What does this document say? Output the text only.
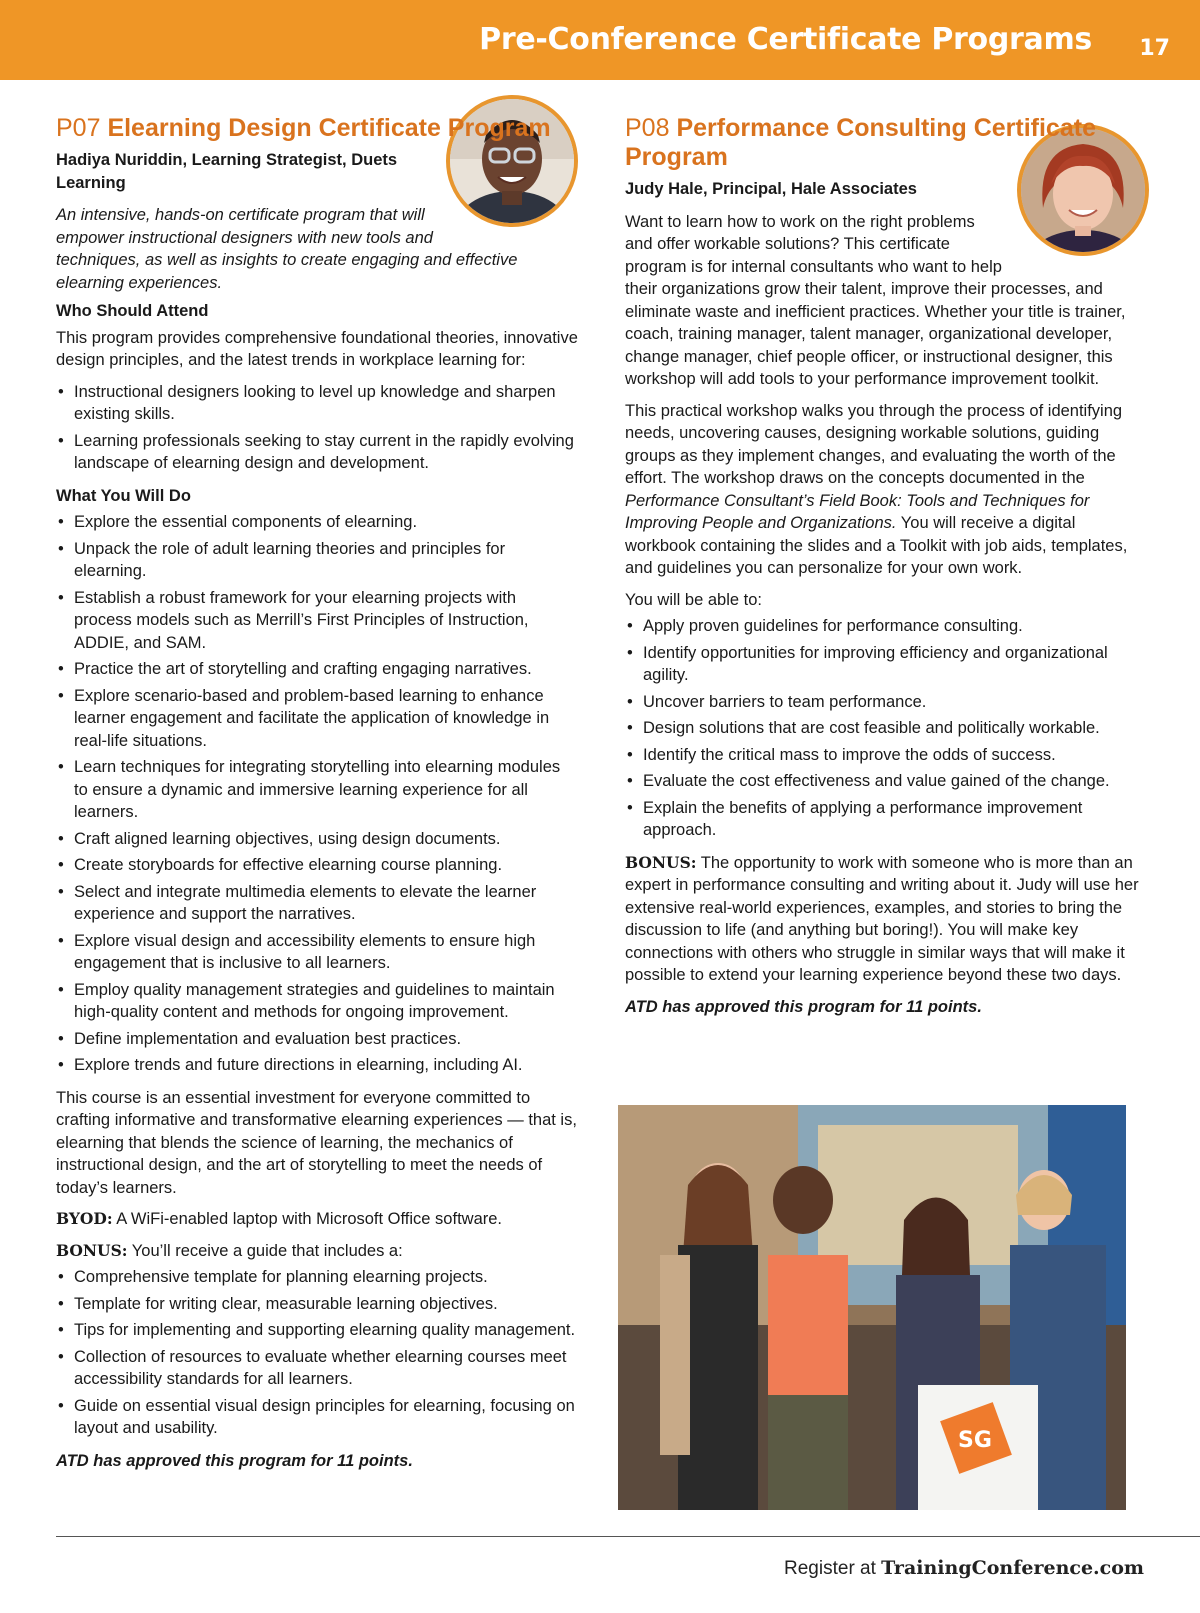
Pre-Conference Certificate Programs 17
P07 Elearning Design Certificate Program
Hadiya Nuriddin, Learning Strategist, Duets Learning

An intensive, hands-on certificate program that will empower instructional designers with new tools and techniques, as well as insights to create engaging and effective elearning experiences.

Who Should Attend

This program provides comprehensive foundational theories, innovative design principles, and the latest trends in workplace learning for:

• Instructional designers looking to level up knowledge and sharpen existing skills.
• Learning professionals seeking to stay current in the rapidly evolving landscape of elearning design and development.
What You Will Do
• Explore the essential components of elearning.
• Unpack the role of adult learning theories and principles for elearning.
• Establish a robust framework for your elearning projects with process models such as Merrill’s First Principles of Instruction, ADDIE, and SAM.
• Practice the art of storytelling and crafting engaging narratives.
• Explore scenario-based and problem-based learning to enhance learner engagement and facilitate the application of knowledge in real-life situations.
• Learn techniques for integrating storytelling into elearning modules to ensure a dynamic and immersive learning experience for all learners.
• Craft aligned learning objectives, using design documents.
• Create storyboards for effective elearning course planning.
• Select and integrate multimedia elements to elevate the learner experience and support the narratives.
• Explore visual design and accessibility elements to ensure high engagement that is inclusive to all learners.
• Employ quality management strategies and guidelines to maintain high-quality content and methods for ongoing improvement.
• Define implementation and evaluation best practices.
• Explore trends and future directions in elearning, including AI.

This course is an essential investment for everyone committed to crafting informative and transformative elearning experiences — that is, elearning that blends the science of learning, the mechanics of instructional design, and the art of storytelling to meet the needs of today’s learners.

BYOD: A WiFi-enabled laptop with Microsoft Office software.

BONUS: You’ll receive a guide that includes a:

• Comprehensive template for planning elearning projects.
• Template for writing clear, measurable learning objectives.
• Tips for implementing and supporting elearning quality management.
• Collection of resources to evaluate whether elearning courses meet accessibility standards for all learners.
• Guide on essential visual design principles for elearning, focusing on layout and usability.
ATD has approved this program for 11 points.
P08 Performance Consulting Certificate Program
Judy Hale, Principal, Hale Associates

Want to learn how to work on the right problems and offer workable solutions? This certificate program is for internal consultants who want to help their organizations grow their talent, improve their processes, and eliminate waste and inefficient practices. Whether your title is trainer, coach, training manager, talent manager, organizational developer, change manager, chief people officer, or instructional designer, this workshop will add tools to your performance improvement toolkit.

This practical workshop walks you through the process of identifying needs, uncovering causes, designing workable solutions, guiding groups as they implement changes, and evaluating the worth of the effort. The workshop draws on the concepts documented in the Performance Consultant’s Field Book: Tools and Techniques for Improving People and Organizations. You will receive a digital workbook containing the slides and a Toolkit with job aids, templates, and guidelines you can personalize for your own work.

You will be able to:

• Apply proven guidelines for performance consulting.
• Identify opportunities for improving efficiency and organizational agility.
• Uncover barriers to team performance.
• Design solutions that are cost feasible and politically workable.
• Identify the critical mass to improve the odds of success.
• Evaluate the cost effectiveness and value gained of the change.
• Explain the benefits of applying a performance improvement approach.

BONUS: The opportunity to work with someone who is more than an expert in performance consulting and writing about it. Judy will use her extensive real-world experiences, examples, and stories to bring the discussion to life (and anything but boring!). You will make key connections with others who struggle in similar ways that will make it possible to extend your learning experience beyond these two days.

ATD has approved this program for 11 points.
SG
Register at TrainingConference.com
